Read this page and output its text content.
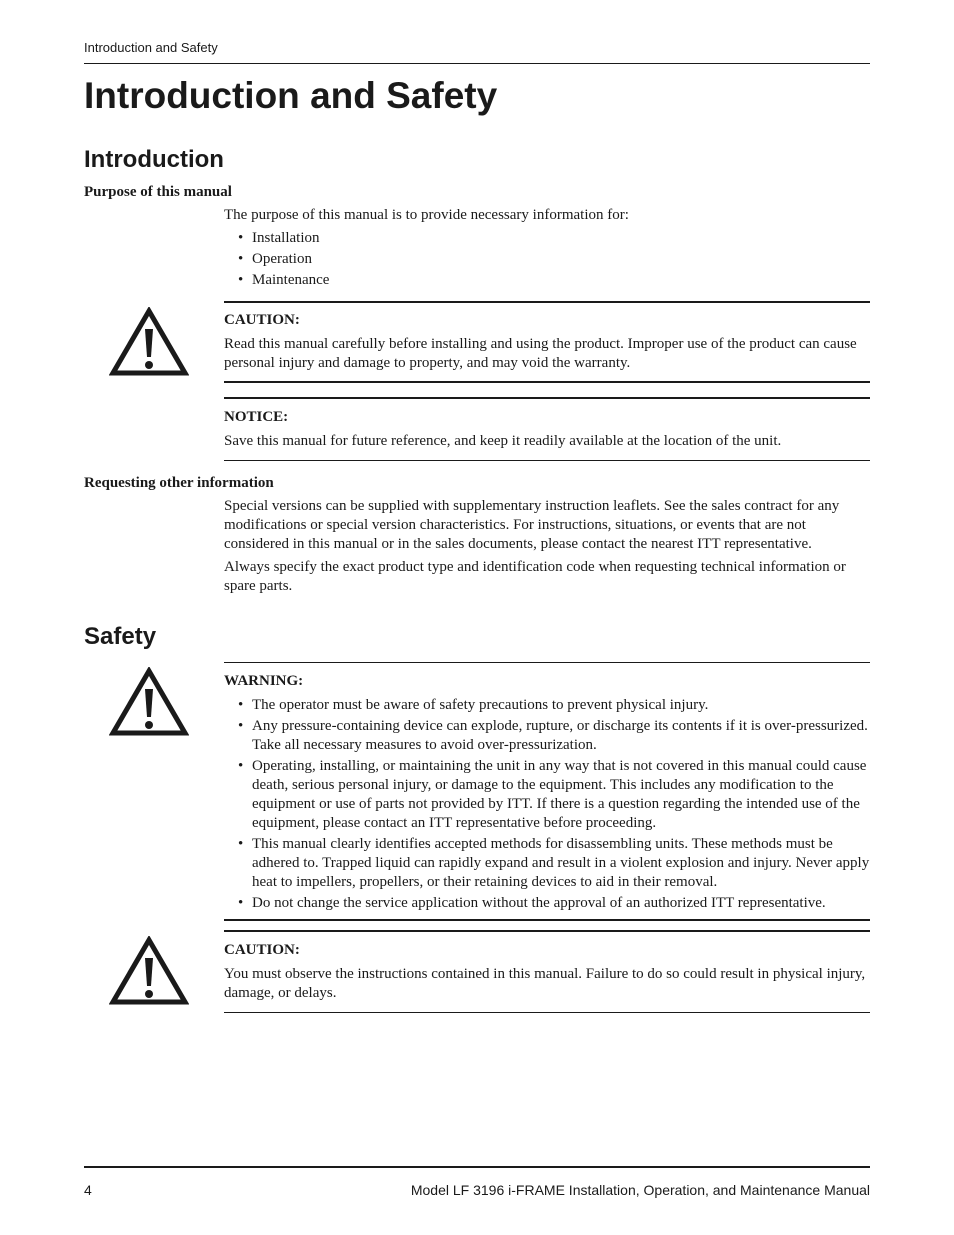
Introduction and Safety
Introduction and Safety
Introduction
Purpose of this manual

The purpose of this manual is to provide necessary information for:

• Installation
• Operation
• Maintenance
CAUTION:

Read this manual carefully before installing and using the product. Improper use of the product can cause personal injury and damage to property, and may void the warranty.

NOTICE:

Save this manual for future reference, and keep it readily available at the location of the unit.

Requesting other information

Special versions can be supplied with supplementary instruction leaflets. See the sales contract for any modifications or special version characteristics. For instructions, situations, or events that are not considered in this manual or in the sales documents, please contact the nearest ITT representative.

Always specify the exact product type and identification code when requesting technical information or spare parts.

Safety
WARNING:
• The operator must be aware of safety precautions to prevent physical injury.
• Any pressure-containing device can explode, rupture, or discharge its contents if it is over-pressurized. Take all necessary measures to avoid over-pressurization.
• Operating, installing, or maintaining the unit in any way that is not covered in this manual could cause death, serious personal injury, or damage to the equipment. This includes any modification to the equipment or use of parts not provided by ITT. If there is a question regarding the intended use of the equipment, please contact an ITT representative before proceeding.
• This manual clearly identifies accepted methods for disassembling units. These methods must be adhered to. Trapped liquid can rapidly expand and result in a violent explosion and injury. Never apply heat to impellers, propellers, or their retaining devices to aid in their removal.
• Do not change the service application without the approval of an authorized ITT representative.
CAUTION:

You must observe the instructions contained in this manual. Failure to do so could result in physical injury, damage, or delays.

4	Model LF 3196 i-FRAME Installation, Operation, and Maintenance Manual
